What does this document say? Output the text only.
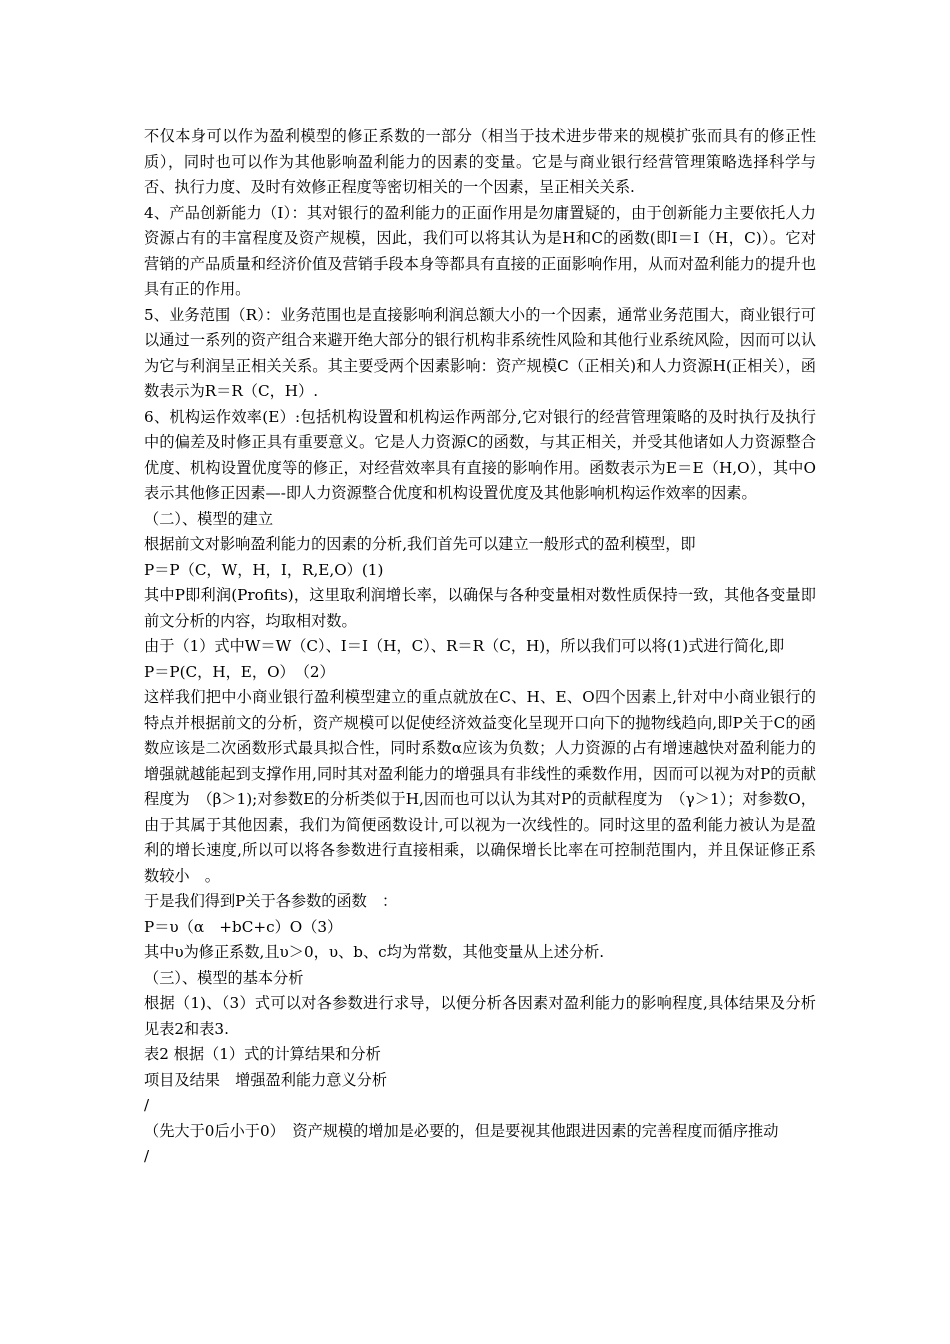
不仅本身可以作为盈利模型的修正系数的一部分（相当于技术进步带来的规模扩张而具有的修正性质），同时也可以作为其他影响盈利能力的因素的变量。它是与商业银行经营管理策略选择科学与否、执行力度、及时有效修正程度等密切相关的一个因素，呈正相关关系.

4、产品创新能力（I）：其对银行的盈利能力的正面作用是勿庸置疑的，由于创新能力主要依托人力资源占有的丰富程度及资产规模，因此，我们可以将其认为是H和C的函数(即I＝I（H，C)）。它对营销的产品质量和经济价值及营销手段本身等都具有直接的正面影响作用，从而对盈利能力的提升也具有正的作用。

5、业务范围（R）：业务范围也是直接影响利润总额大小的一个因素，通常业务范围大，商业银行可以通过一系列的资产组合来避开绝大部分的银行机构非系统性风险和其他行业系统风险，因而可以认为它与利润呈正相关关系。其主要受两个因素影响：资产规模C（正相关)和人力资源H(正相关），函数表示为R＝R（C，H）.

6、机构运作效率(E）:包括机构设置和机构运作两部分,它对银行的经营管理策略的及时执行及执行中的偏差及时修正具有重要意义。它是人力资源C的函数，与其正相关，并受其他诸如人力资源整合优度、机构设置优度等的修正，对经营效率具有直接的影响作用。函数表示为E＝E（H,O），其中O表示其他修正因素—-即人力资源整合优度和机构设置优度及其他影响机构运作效率的因素。

（二）、模型的建立

根据前文对影响盈利能力的因素的分析,我们首先可以建立一般形式的盈利模型，即

P＝P（C，W，H，I，R,E,O）(1)

其中P即利润(Profits)，这里取利润增长率，以确保与各种变量相对数性质保持一致，其他各变量即前文分析的内容，均取相对数。

由于（1）式中W＝W（C）、I＝I（H，C）、R＝R（C，H)，所以我们可以将(1)式进行简化,即

P＝P(C，H，E，O）　（2）

这样我们把中小商业银行盈利模型建立的重点就放在C、H、E、O四个因素上,针对中小商业银行的特点并根据前文的分析，资产规模可以促使经济效益变化呈现开口向下的抛物线趋向,即P关于C的函数应该是二次函数形式最具拟合性，同时系数α应该为负数；人力资源的占有增速越快对盈利能力的增强就越能起到支撑作用,同时其对盈利能力的增强具有非线性的乘数作用，因而可以视为对P的贡献程度为　（β＞1);对参数E的分析类似于H,因而也可以认为其对P的贡献程度为　（γ＞1）；对参数O，由于其属于其他因素，我们为简便函数设计,可以视为一次线性的。同时这里的盈利能力被认为是盈利的增长速度,所以可以将各参数进行直接相乘，以确保增长比率在可控制范围内，并且保证修正系数较小　。

于是我们得到P关于各参数的函数　：

P＝υ（α　+bC+c）O（3）

其中υ为修正系数,且υ＞0，υ、b、c均为常数，其他变量从上述分析.

（三）、模型的基本分析

根据（1)、（3）式可以对各参数进行求导，以便分析各因素对盈利能力的影响程度,具体结果及分析见表2和表3.

表2 根据（1）式的计算结果和分析

项目及结果　增强盈利能力意义分析

/

（先大于0后小于0）　资产规模的增加是必要的，但是要视其他跟进因素的完善程度而循序推动

/
